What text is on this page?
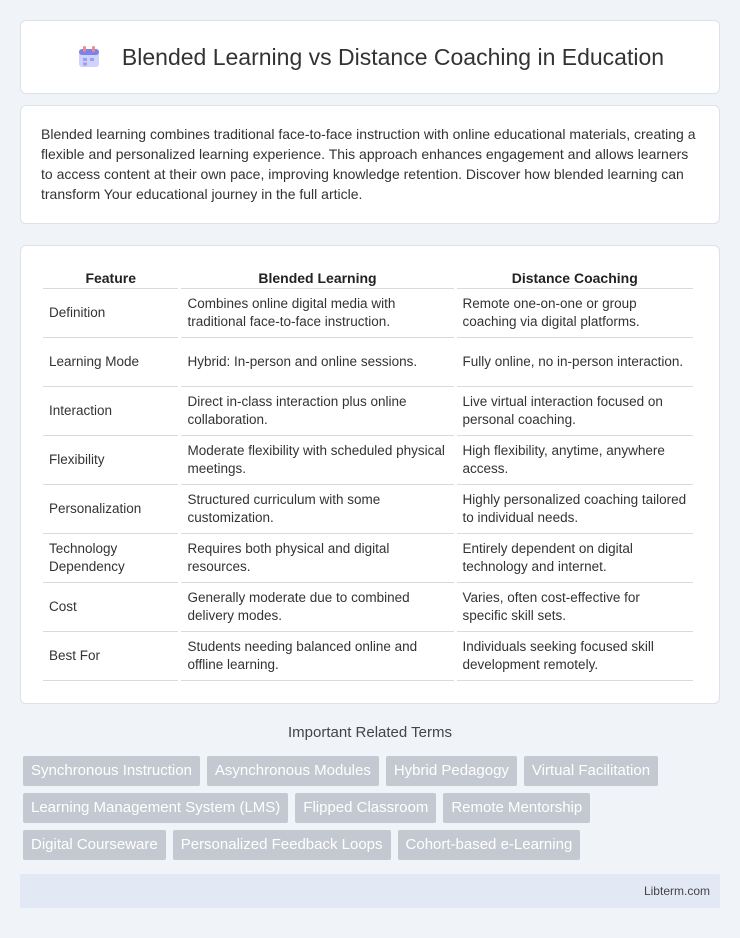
Blended Learning vs Distance Coaching in Education

Blended learning combines traditional face-to-face instruction with online educational materials, creating a flexible and personalized learning experience. This approach enhances engagement and allows learners to access content at their own pace, improving knowledge retention. Discover how blended learning can transform Your educational journey in the full article.

Feature	Blended Learning	Distance Coaching
Definition	Combines online digital media with traditional face-to-face instruction.	Remote one-on-one or group coaching via digital platforms.
Learning Mode	Hybrid: In-person and online sessions.	Fully online, no in-person interaction.
Interaction	Direct in-class interaction plus online collaboration.	Live virtual interaction focused on personal coaching.
Flexibility	Moderate flexibility with scheduled physical meetings.	High flexibility, anytime, anywhere access.
Personalization	Structured curriculum with some customization.	Highly personalized coaching tailored to individual needs.
Technology Dependency	Requires both physical and digital resources.	Entirely dependent on digital technology and internet.
Cost	Generally moderate due to combined delivery modes.	Varies, often cost-effective for specific skill sets.
Best For	Students needing balanced online and offline learning.	Individuals seeking focused skill development remotely.
Important Related Terms
Synchronous Instruction	Asynchronous Modules	Hybrid Pedagogy	Virtual Facilitation
Learning Management System (LMS)	Flipped Classroom	Remote Mentorship
Digital Courseware	Personalized Feedback Loops	Cohort-based e-Learning
Libterm.com
